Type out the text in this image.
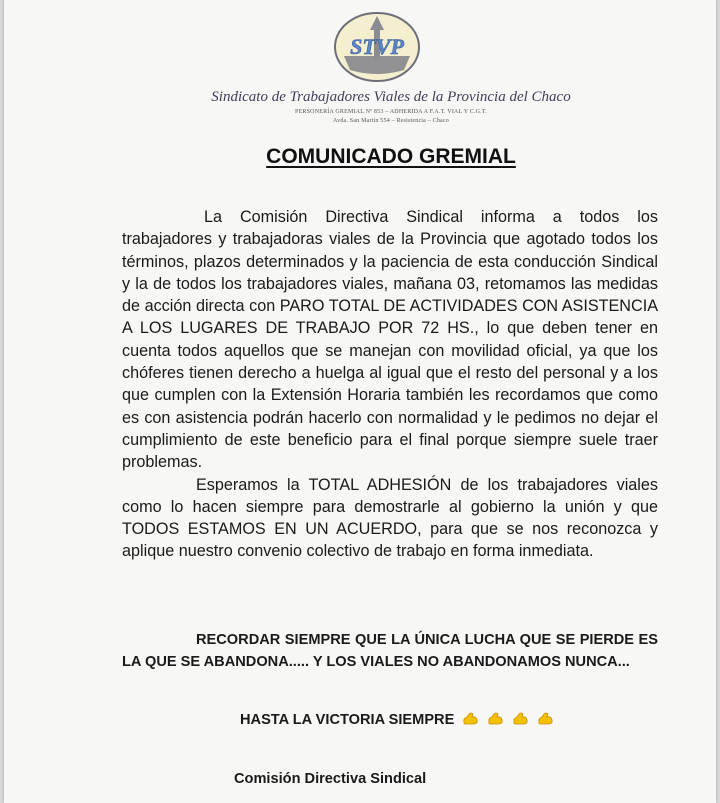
STVP

Sindicato de Trabajadores Viales de la Provincia del Chaco

PERSONERÍA GREMIAL Nº 853 – ADHERIDA A F.A.T. VIAL Y C.G.T.

Avda. San Martín 554 – Resistencia – Chaco

COMUNICADO GREMIAL

La Comisión Directiva Sindical informa a todos los trabajadores y trabajadoras viales de la Provincia que agotado todos los términos, plazos determinados y la paciencia de esta conducción Sindical y la de todos los trabajadores viales, mañana 03, retomamos las medidas de acción directa con PARO TOTAL DE ACTIVIDADES CON ASISTENCIA A LOS LUGARES DE TRABAJO POR 72 HS., lo que deben tener en cuenta todos aquellos que se manejan con movilidad oficial, ya que los chóferes tienen derecho a huelga al igual que el resto del personal y a los que cumplen con la Extensión Horaria también les recordamos que como es con asistencia podrán hacerlo con normalidad y le pedimos no dejar el cumplimiento de este beneficio para el final porque siempre suele traer problemas.

Esperamos la TOTAL ADHESIÓN de los trabajadores viales como lo hacen siempre para demostrarle al gobierno la unión y que TODOS ESTAMOS EN UN ACUERDO, para que se nos reconozca y aplique nuestro convenio colectivo de trabajo en forma inmediata.

RECORDAR SIEMPRE QUE LA ÚNICA LUCHA QUE SE PIERDE ES LA QUE SE ABANDONA..... Y LOS VIALES NO ABANDONAMOS NUNCA...

HASTA LA VICTORIA SIEMPRE

Comisión Directiva Sindical
